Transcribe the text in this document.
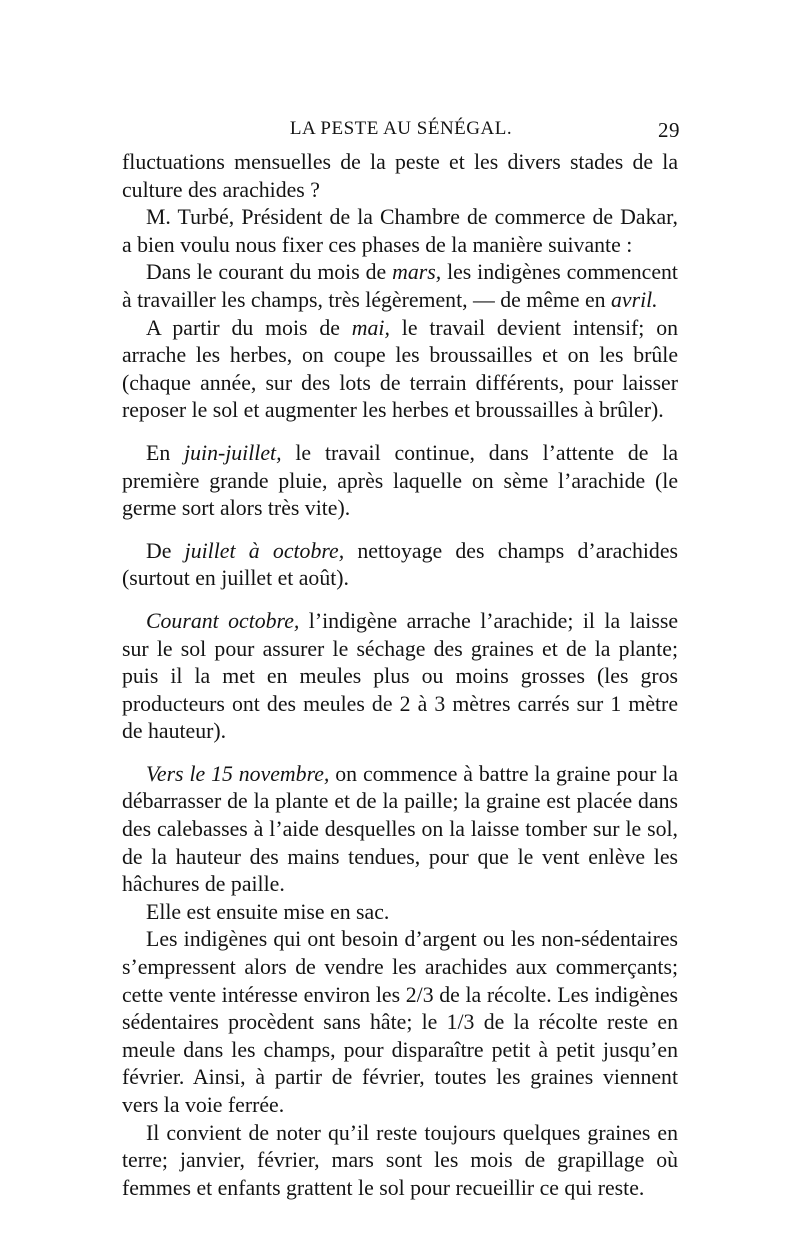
LA PESTE AU SÉNÉGAL.	29

fluctuations mensuelles de la peste et les divers stades de la culture des arachides ?

M. Turbé, Président de la Chambre de commerce de Dakar, a bien voulu nous fixer ces phases de la manière suivante :

Dans le courant du mois de mars, les indigènes commencent à travailler les champs, très légèrement, — de même en avril.

A partir du mois de mai, le travail devient intensif; on arrache les herbes, on coupe les broussailles et on les brûle (chaque année, sur des lots de terrain différents, pour laisser reposer le sol et augmenter les herbes et broussailles à brûler).

En juin-juillet, le travail continue, dans l’attente de la première grande pluie, après laquelle on sème l’arachide (le germe sort alors très vite).

De juillet à octobre, nettoyage des champs d’arachides (surtout en juillet et août).

Courant octobre, l’indigène arrache l’arachide; il la laisse sur le sol pour assurer le séchage des graines et de la plante; puis il la met en meules plus ou moins grosses (les gros producteurs ont des meules de 2 à 3 mètres carrés sur 1 mètre de hauteur).

Vers le 15 novembre, on commence à battre la graine pour la débarrasser de la plante et de la paille; la graine est placée dans des calebasses à l’aide desquelles on la laisse tomber sur le sol, de la hauteur des mains tendues, pour que le vent enlève les hâchures de paille.

Elle est ensuite mise en sac.

Les indigènes qui ont besoin d’argent ou les non-sédentaires s’empressent alors de vendre les arachides aux commerçants; cette vente intéresse environ les 2/3 de la récolte. Les indigènes sédentaires procèdent sans hâte; le 1/3 de la récolte reste en meule dans les champs, pour disparaître petit à petit jusqu’en février. Ainsi, à partir de février, toutes les graines viennent vers la voie ferrée.

Il convient de noter qu’il reste toujours quelques graines en terre; janvier, février, mars sont les mois de grapillage où femmes et enfants grattent le sol pour recueillir ce qui reste.
